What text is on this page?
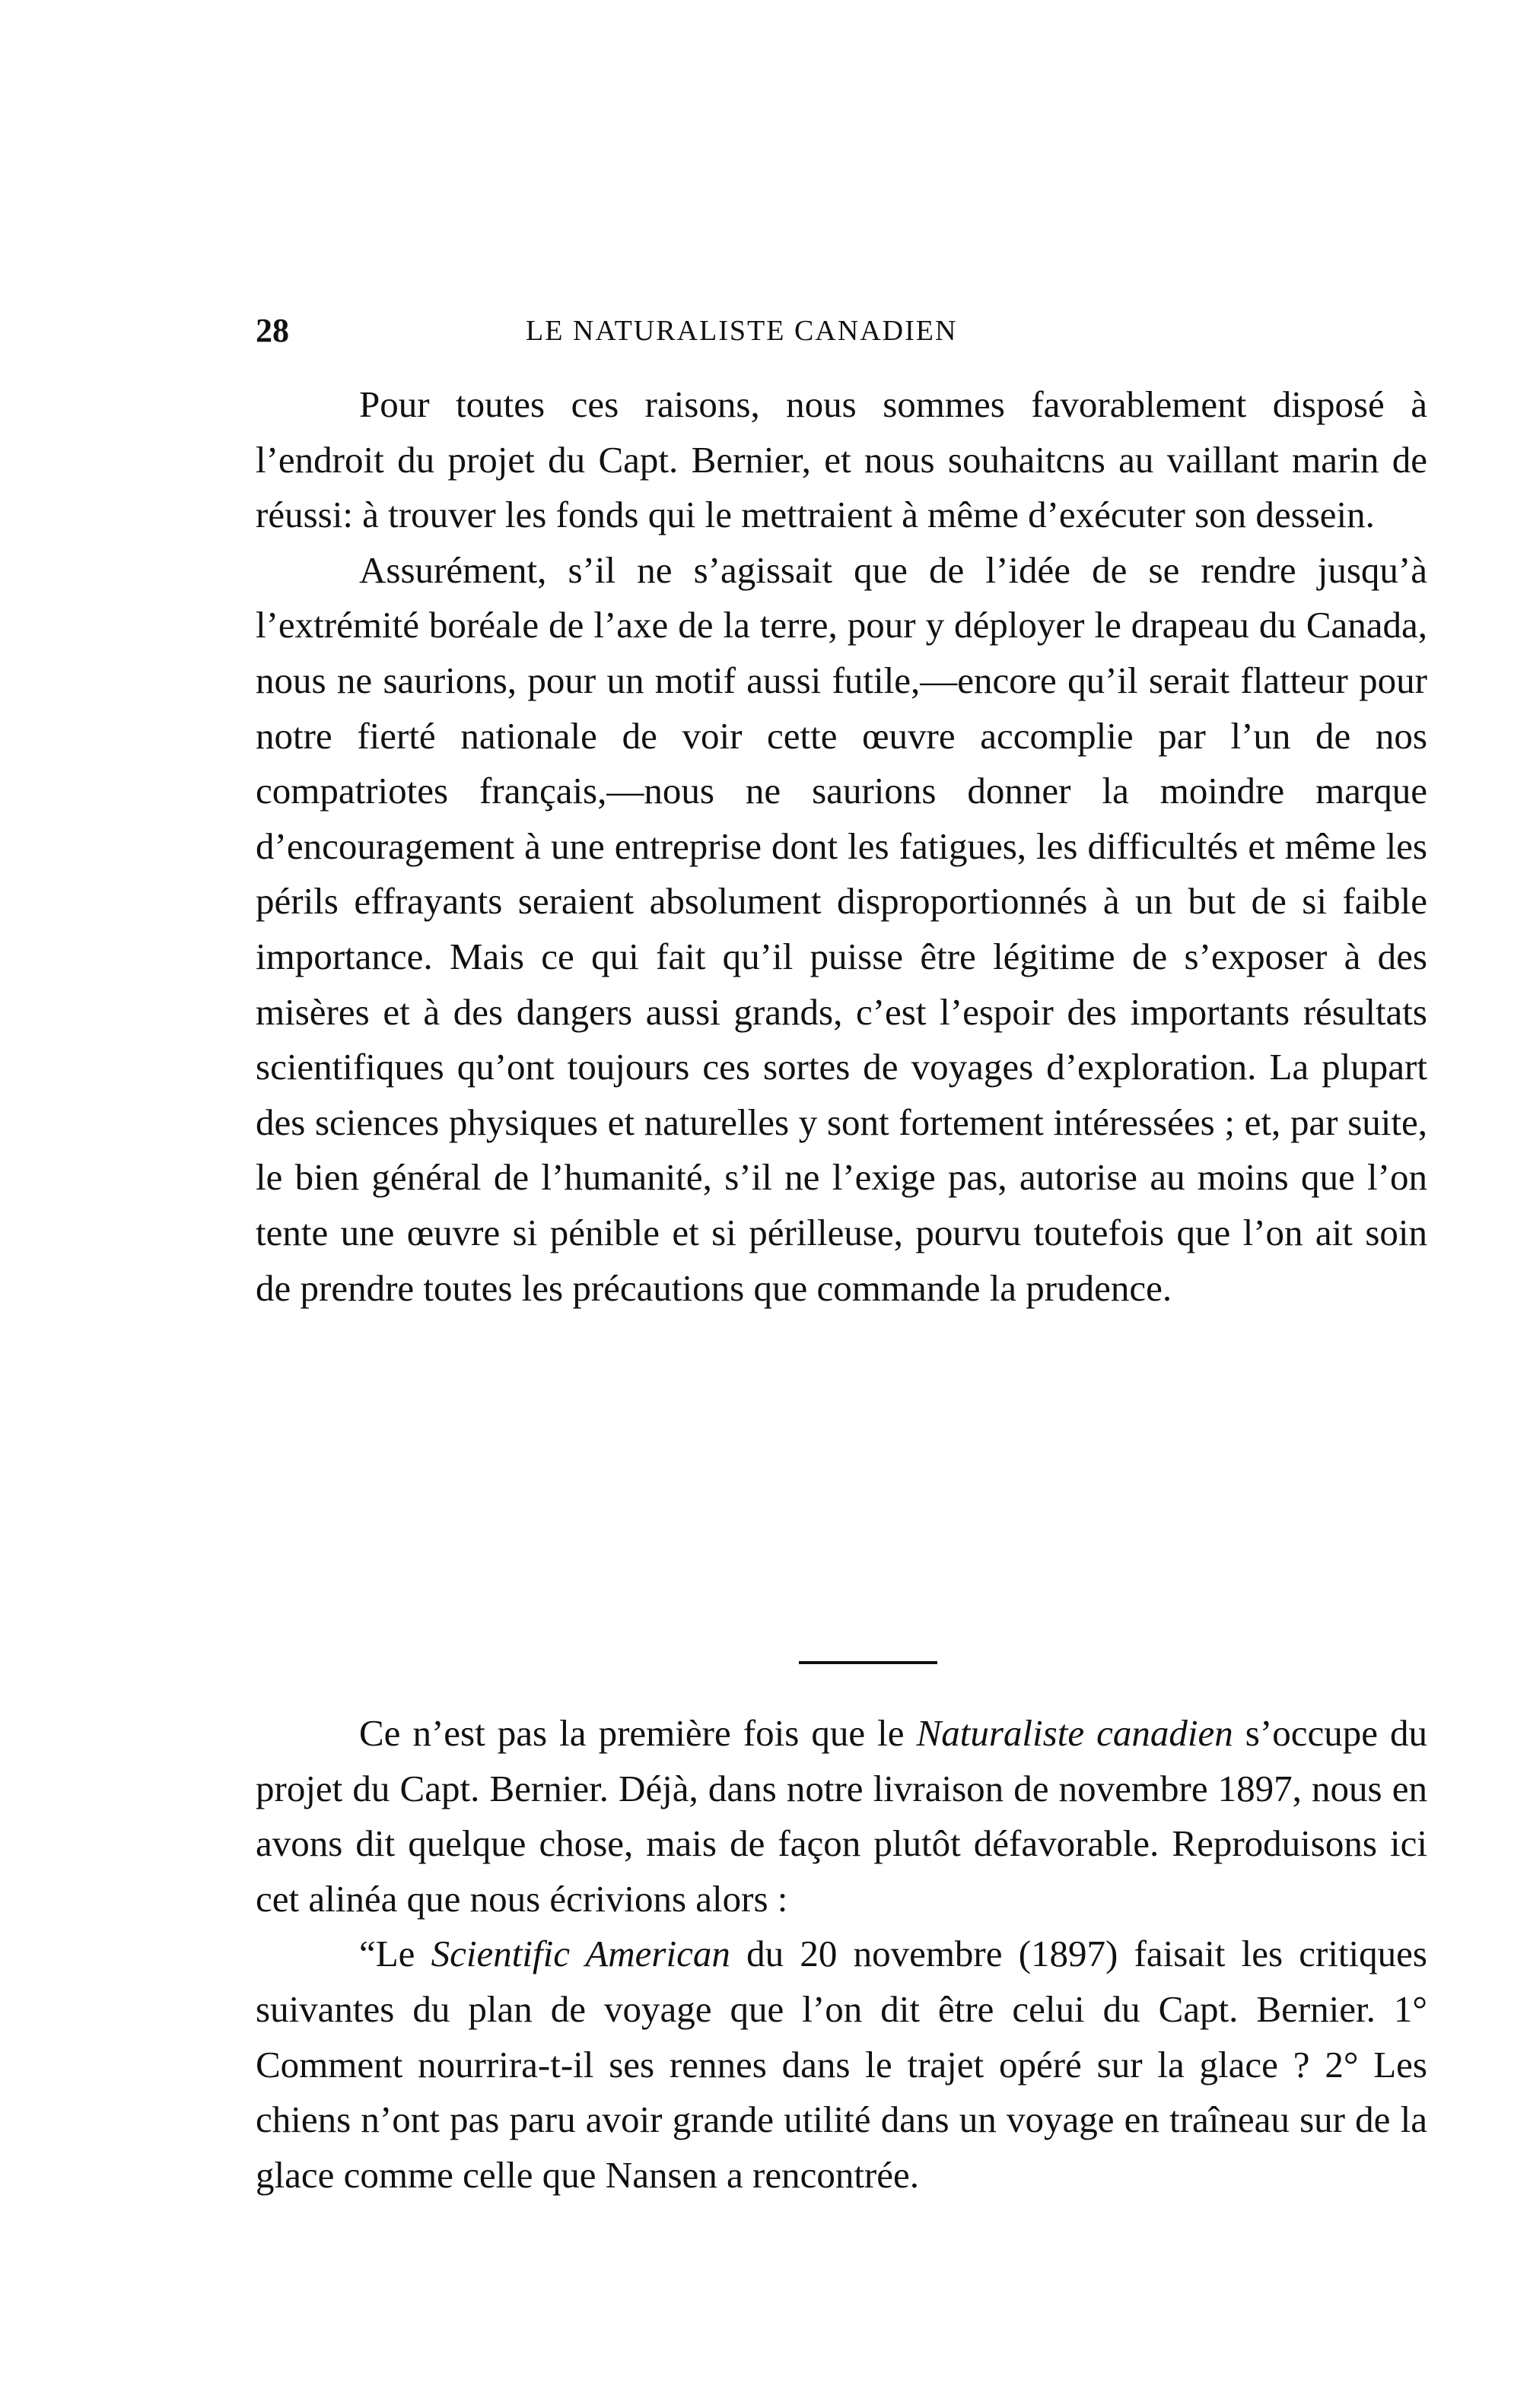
28	LE NATURALISTE CANADIEN

Pour toutes ces raisons, nous sommes favorablement disposé à l’endroit du projet du Capt. Bernier, et nous souhaitcns au vaillant marin de réussi: à trouver les fonds qui le mettraient à même d’exécuter son dessein.

Assurément, s’il ne s’agissait que de l’idée de se rendre jusqu’à l’extrémité boréale de l’axe de la terre, pour y déployer le drapeau du Canada, nous ne saurions, pour un motif aussi futile,—encore qu’il serait flatteur pour notre fierté nationale de voir cette œuvre accomplie par l’un de nos compatriotes français,—nous ne saurions donner la moindre marque d’encouragement à une entreprise dont les fatigues, les difficultés et même les périls effrayants seraient absolument disproportionnés à un but de si faible importance. Mais ce qui fait qu’il puisse être légitime de s’exposer à des misères et à des dangers aussi grands, c’est l’espoir des importants résultats scientifiques qu’ont toujours ces sortes de voyages d’exploration. La plupart des sciences physiques et naturelles y sont fortement intéressées ; et, par suite, le bien général de l’humanité, s’il ne l’exige pas, autorise au moins que l’on tente une œuvre si pénible et si périlleuse, pourvu toutefois que l’on ait soin de prendre toutes les précautions que commande la prudence.

Ce n’est pas la première fois que le Naturaliste canadien s’occupe du projet du Capt. Bernier. Déjà, dans notre livraison de novembre 1897, nous en avons dit quelque chose, mais de façon plutôt défavorable. Reproduisons ici cet alinéa que nous écrivions alors :

“Le Scientific American du 20 novembre (1897) faisait les critiques suivantes du plan de voyage que l’on dit être celui du Capt. Bernier. 1° Comment nourrira-t-il ses rennes dans le trajet opéré sur la glace ? 2° Les chiens n’ont pas paru avoir grande utilité dans un voyage en traîneau sur de la glace comme celle que Nansen a rencontrée.
